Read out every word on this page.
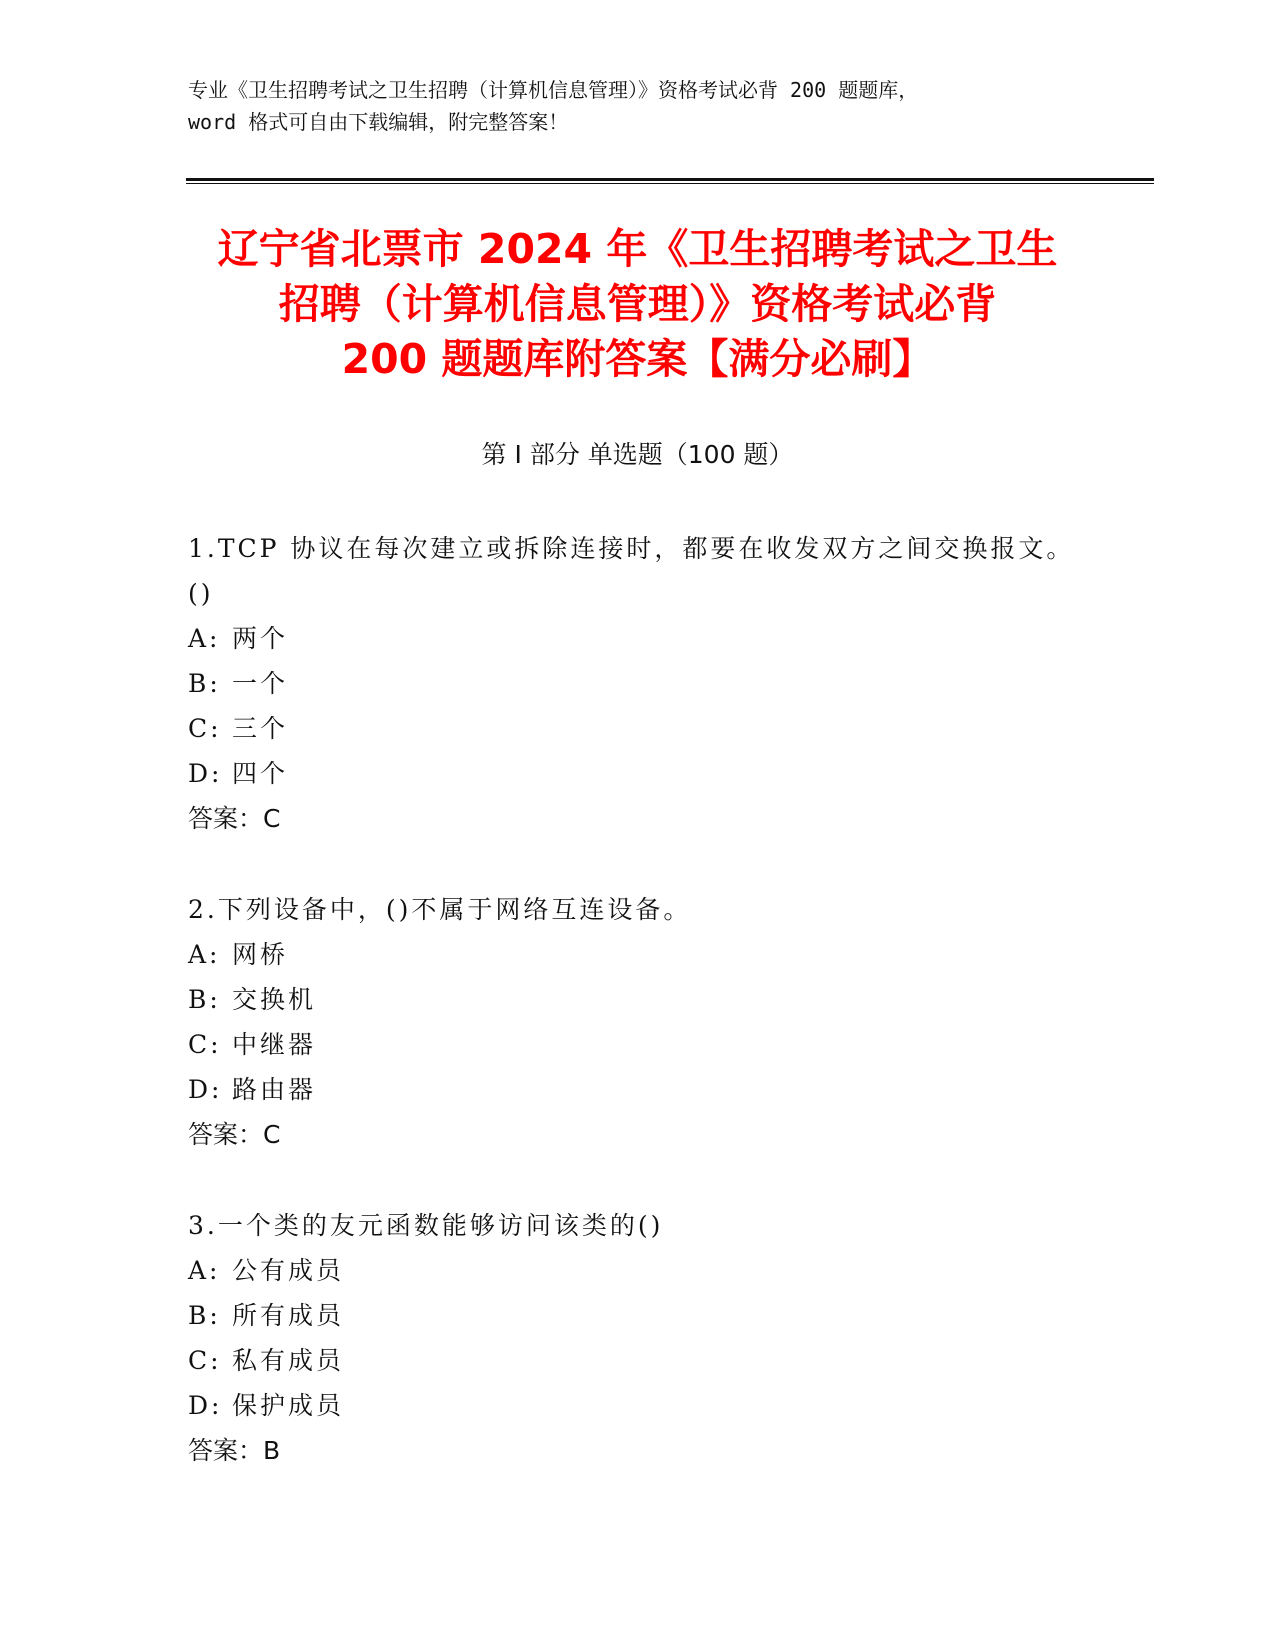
专业《卫生招聘考试之卫生招聘（计算机信息管理）》资格考试必背 200 题题库，
word 格式可自由下载编辑，附完整答案！
辽宁省北票市 2024 年《卫生招聘考试之卫生
招聘（计算机信息管理）》资格考试必背
200 题题库附答案【满分必刷】
第 I 部分 单选题（100 题）
1.TCP 协议在每次建立或拆除连接时，都要在收发双方之间交换报文。
()
A: 两个
B: 一个
C: 三个
D: 四个
答案：C
2.下列设备中，()不属于网络互连设备。
A: 网桥
B: 交换机
C: 中继器
D: 路由器
答案：C
3.一个类的友元函数能够访问该类的()
A: 公有成员
B: 所有成员
C: 私有成员
D: 保护成员
答案：B
